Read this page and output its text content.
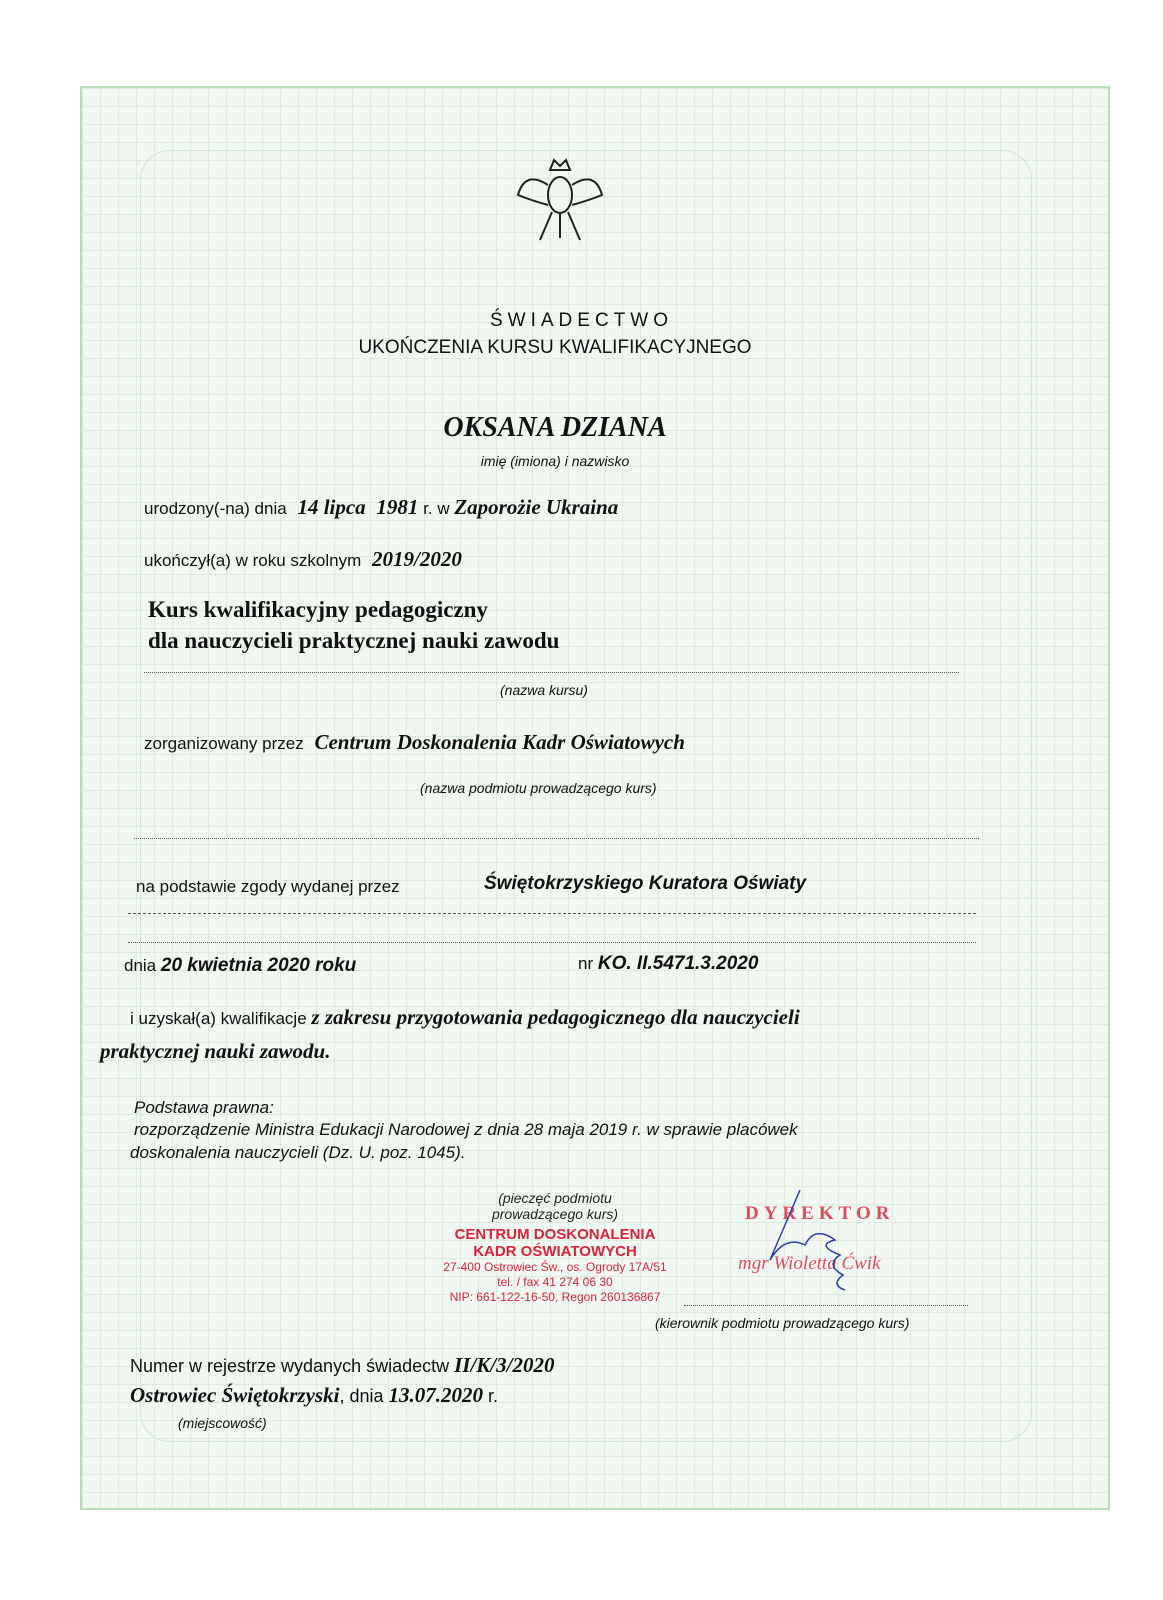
ŚWIADECTWO
UKOŃCZENIA KURSU KWALIFIKACYJNEGO
OKSANA DZIANA
imię (imiona) i nazwisko
urodzony(-na) dnia 14 lipca 1981 r. w Zaporożie Ukraina
ukończył(a) w roku szkolnym 2019/2020
Kurs kwalifikacyjny pedagogiczny
dla nauczycieli praktycznej nauki zawodu
(nazwa kursu)
zorganizowany przez Centrum Doskonalenia Kadr Oświatowych
(nazwa podmiotu prowadzącego kurs)
na podstawie zgody wydanej przez	Świętokrzyskiego Kuratora Oświaty
dnia 20 kwietnia 2020 roku	nr KO. II.5471.3.2020
i uzyskał(a) kwalifikacje z zakresu przygotowania pedagogicznego dla nauczycieli
praktycznej nauki zawodu.
Podstawa prawna:
rozporządzenie Ministra Edukacji Narodowej z dnia 28 maja 2019 r. w sprawie placówek
doskonalenia nauczycieli (Dz. U. poz. 1045).
(pieczęć podmiotu
prowadzącego kurs)
CENTRUM DOSKONALENIA
KADR OŚWIATOWYCH
27-400 Ostrowiec Św., os. Ogrody 17A/51
tel. / fax 41 274 06 30
NIP: 661-122-16-50, Regon 260136867
DYREKTOR
mgr Wioletta Ćwik
(kierownik podmiotu prowadzącego kurs)
Numer w rejestrze wydanych świadectw II/K/3/2020
Ostrowiec Świętokrzyski, dnia 13.07.2020 r.
(miejscowość)
